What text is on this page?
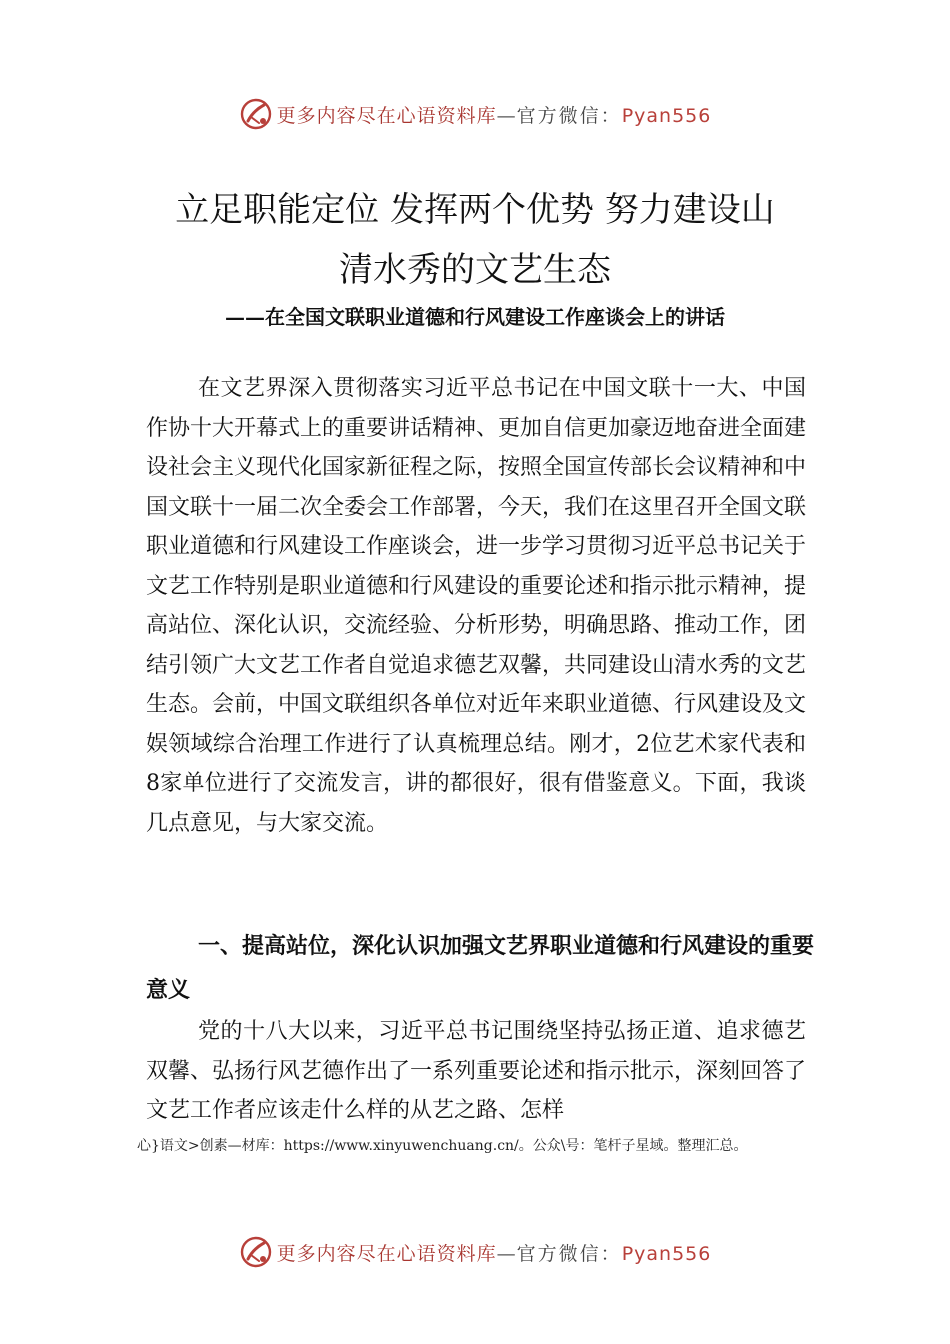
更多内容尽在心语资料库—官方微信：Pyan556
立足职能定位 发挥两个优势 努力建设山
清水秀的文艺生态
——在全国文联职业道德和行风建设工作座谈会上的讲话
在文艺界深入贯彻落实习近平总书记在中国文联十一大、中国作协十大开幕式上的重要讲话精神、更加自信更加豪迈地奋进全面建设社会主义现代化国家新征程之际，按照全国宣传部长会议精神和中国文联十一届二次全委会工作部署，今天，我们在这里召开全国文联职业道德和行风建设工作座谈会，进一步学习贯彻习近平总书记关于文艺工作特别是职业道德和行风建设的重要论述和指示批示精神，提高站位、深化认识，交流经验、分析形势，明确思路、推动工作，团结引领广大文艺工作者自觉追求德艺双馨，共同建设山清水秀的文艺生态。会前，中国文联组织各单位对近年来职业道德、行风建设及文娱领域综合治理工作进行了认真梳理总结。刚才，2位艺术家代表和 8家单位进行了交流发言，讲的都很好，很有借鉴意义。下面，我谈几点意见，与大家交流。
一、提高站位，深化认识加强文艺界职业道德和行风建设的重要意义
党的十八大以来，习近平总书记围绕坚持弘扬正道、追求德艺双馨、弘扬行风艺德作出了一系列重要论述和指示批示，深刻回答了文艺工作者应该走什么样的从艺之路、怎样
心}语文>创素—材库：https://www.xinyuwenchuang.cn/。公众\号：笔杆子星域。整理汇总。
更多内容尽在心语资料库—官方微信：Pyan556
